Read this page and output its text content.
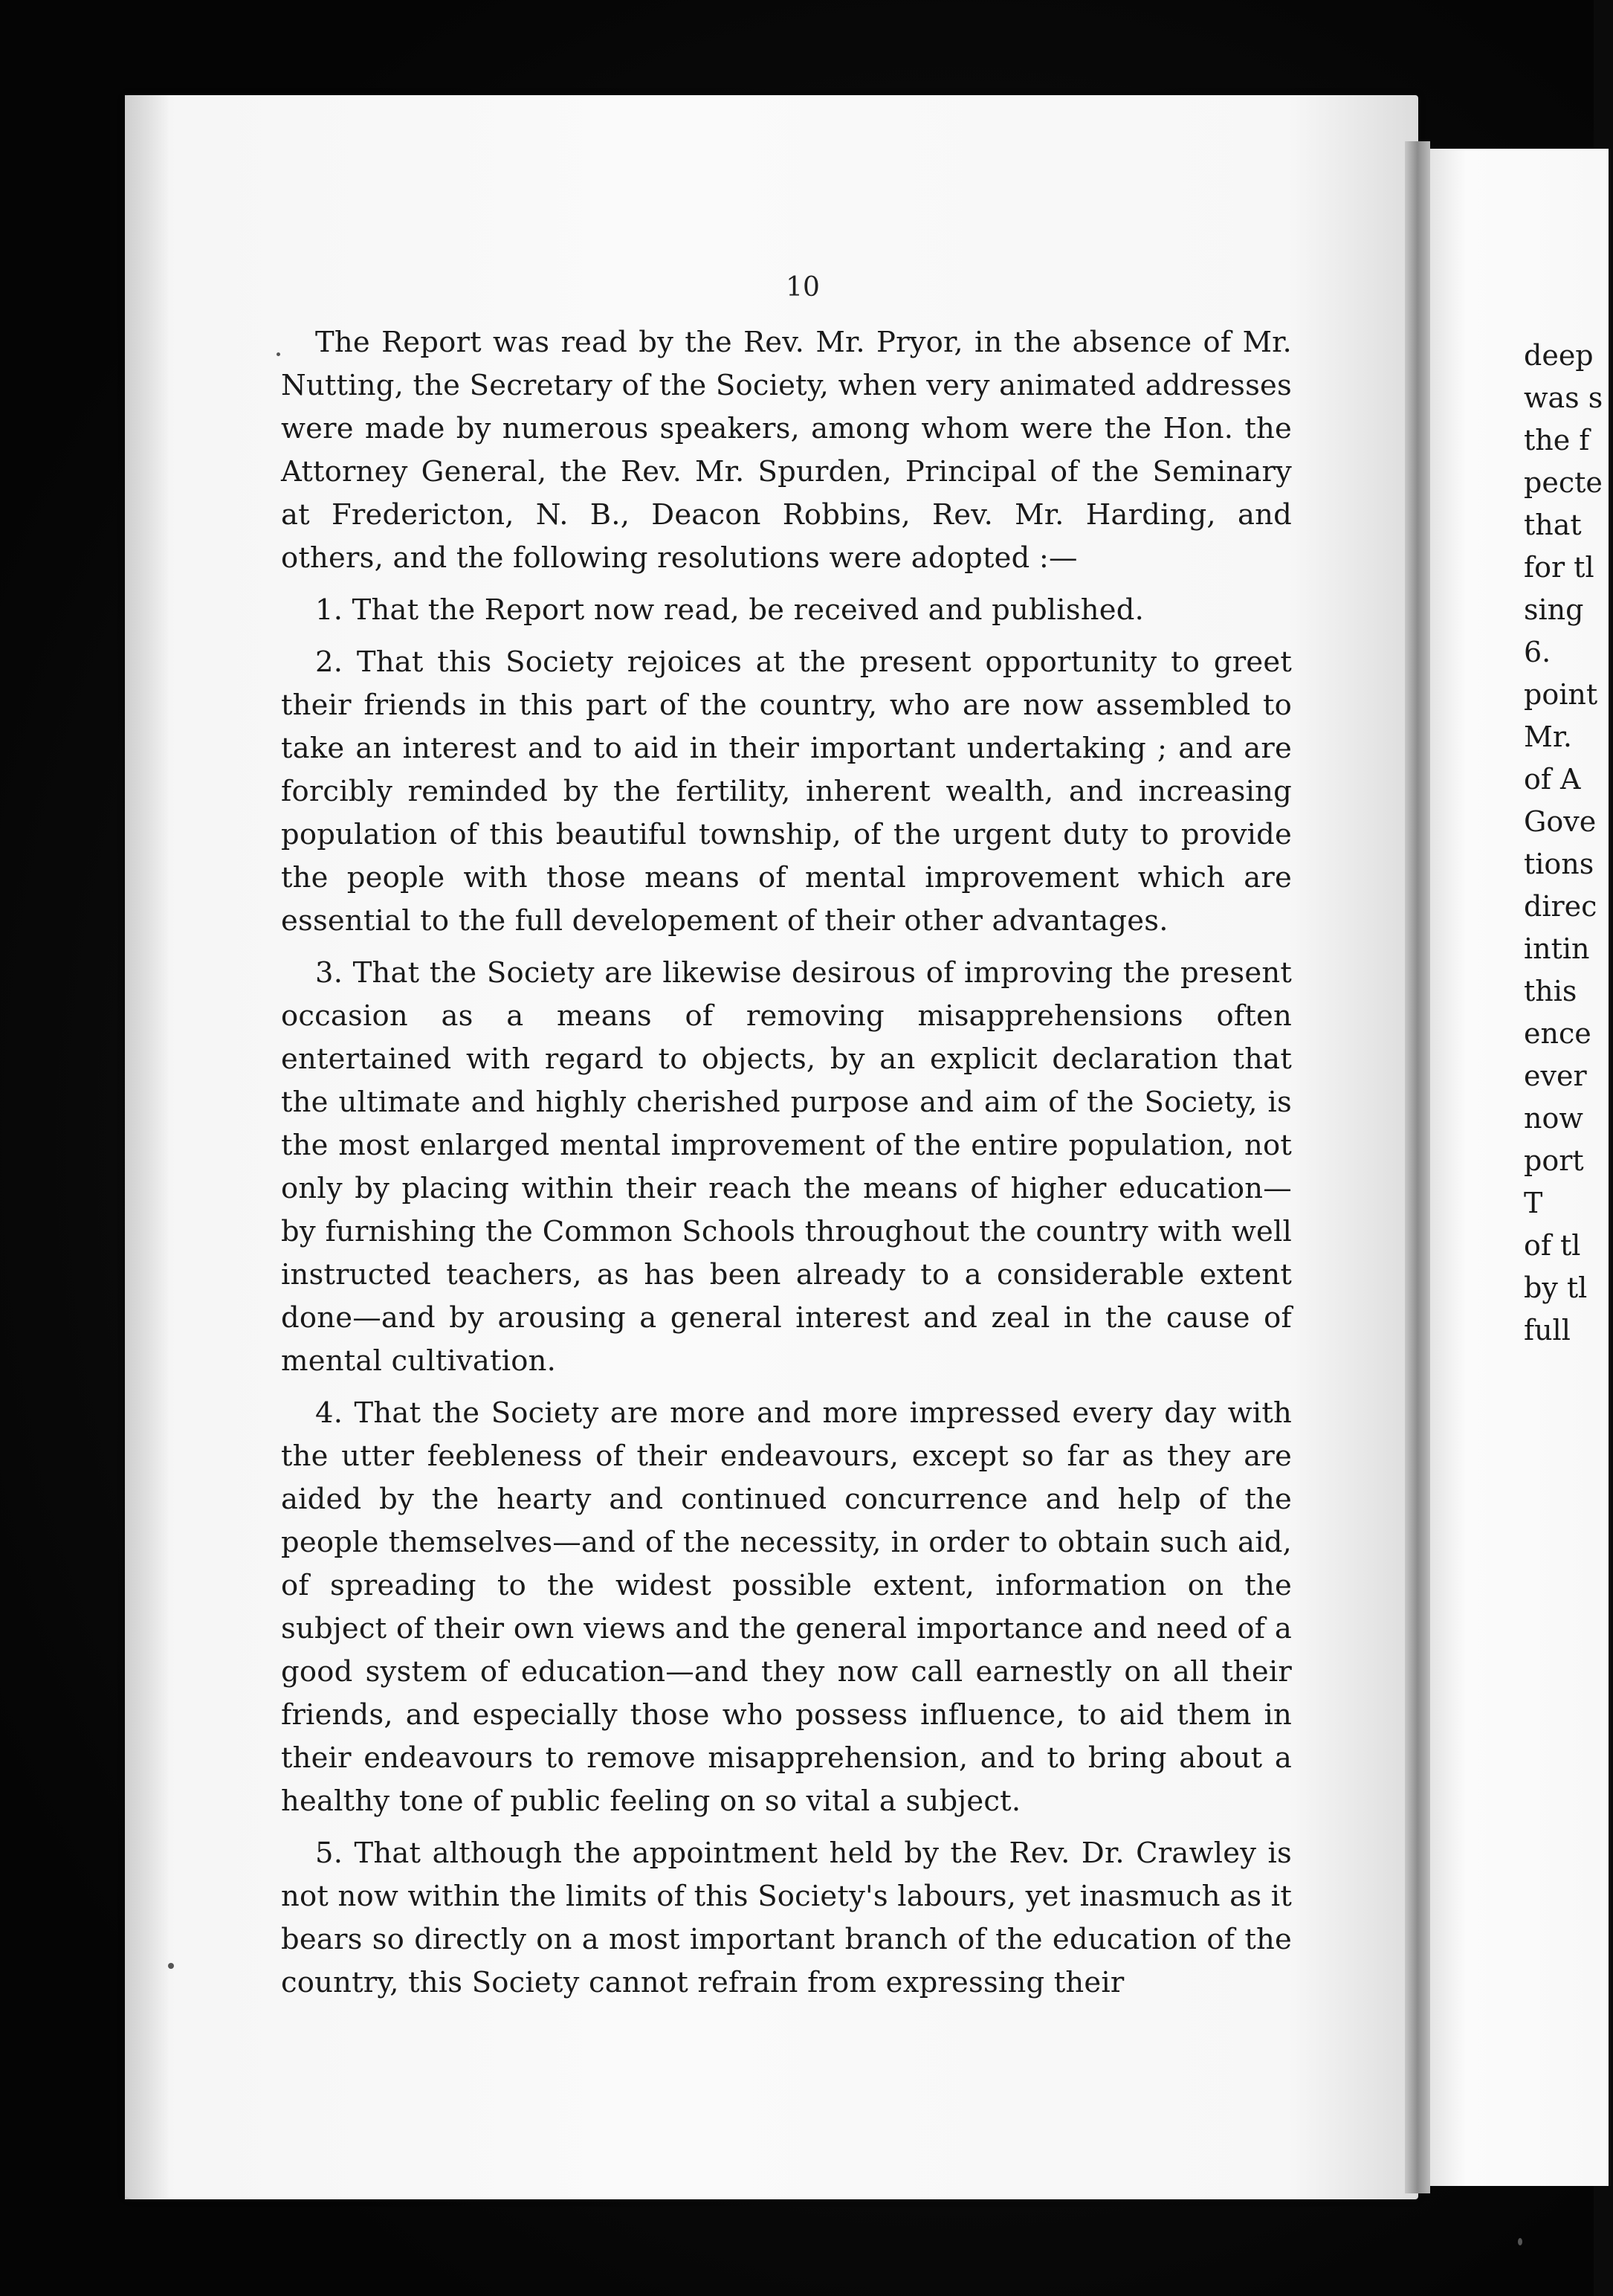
10

The Report was read by the Rev. Mr. Pryor, in the absence of Mr. Nutting, the Secretary of the Society, when very animated addresses were made by numerous speakers, among whom were the Hon. the Attorney General, the Rev. Mr. Spurden, Principal of the Seminary at Fredericton, N. B., Deacon Robbins, Rev. Mr. Harding, and others, and the following resolutions were adopted :—

1. That the Report now read, be received and published.

2. That this Society rejoices at the present opportunity to greet their friends in this part of the country, who are now assembled to take an interest and to aid in their important undertaking ; and are forcibly reminded by the fertility, inherent wealth, and increasing population of this beautiful township, of the urgent duty to provide the people with those means of mental improvement which are essential to the full developement of their other advantages.

3. That the Society are likewise desirous of improving the present occasion as a means of removing misapprehensions often entertained with regard to objects, by an explicit declaration that the ultimate and highly cherished purpose and aim of the Society, is the most enlarged mental improvement of the entire population, not only by placing within their reach the means of higher education—by furnishing the Common Schools throughout the country with well instructed teachers, as has been already to a considerable extent done—and by arousing a general interest and zeal in the cause of mental cultivation.

4. That the Society are more and more impressed every day with the utter feebleness of their endeavours, except so far as they are aided by the hearty and continued concurrence and help of the people themselves—and of the necessity, in order to obtain such aid, of spreading to the widest possible extent, information on the subject of their own views and the general importance and need of a good system of education—and they now call earnestly on all their friends, and especially those who possess influence, to aid them in their endeavours to remove misapprehension, and to bring about a healthy tone of public feeling on so vital a subject.

5. That although the appointment held by the Rev. Dr. Crawley is not now within the limits of this Society's labours, yet inasmuch as it bears so directly on a most important branch of the education of the country, this Society cannot refrain from expressing their

deep
was s
the f
pecte
that
for tl
sing
6.
point
Mr.
of A
Gove
tions
direc
intin
this
ence
ever
now
port
T
of tl
by tl
full
